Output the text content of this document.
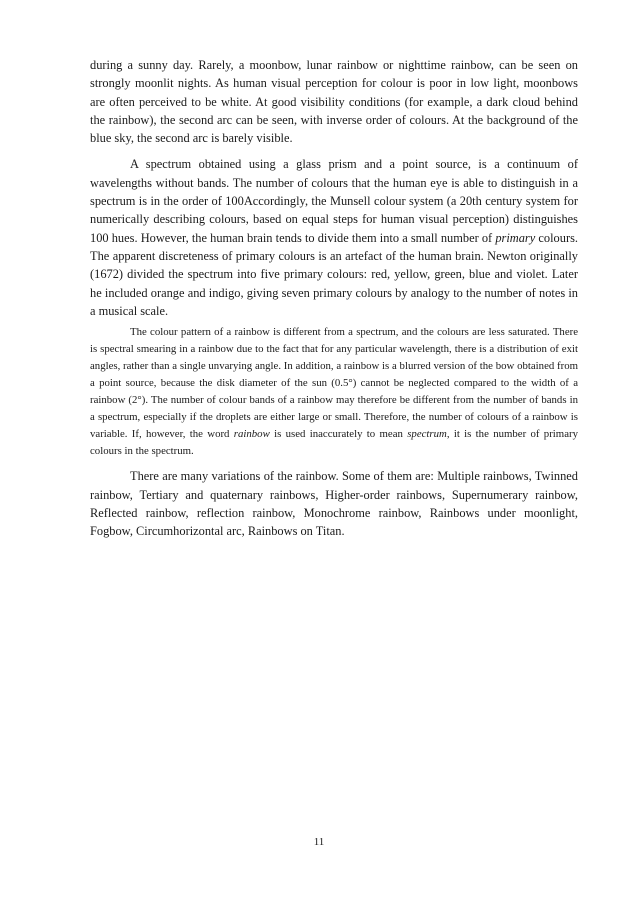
during a sunny day. Rarely, a moonbow, lunar rainbow or nighttime rainbow, can be seen on strongly moonlit nights. As human visual perception for colour is poor in low light, moonbows are often perceived to be white. At good visibility conditions (for example, a dark cloud behind the rainbow), the second arc can be seen, with inverse order of colours. At the background of the blue sky, the second arc is barely visible.

A spectrum obtained using a glass prism and a point source, is a continuum of wavelengths without bands. The number of colours that the human eye is able to distinguish in a spectrum is in the order of 100Accordingly, the Munsell colour system (a 20th century system for numerically describing colours, based on equal steps for human visual perception) distinguishes 100 hues. However, the human brain tends to divide them into a small number of primary colours. The apparent discreteness of primary colours is an artefact of the human brain. Newton originally (1672) divided the spectrum into five primary colours: red, yellow, green, blue and violet. Later he included orange and indigo, giving seven primary colours by analogy to the number of notes in a musical scale.

The colour pattern of a rainbow is different from a spectrum, and the colours are less saturated. There is spectral smearing in a rainbow due to the fact that for any particular wavelength, there is a distribution of exit angles, rather than a single unvarying angle. In addition, a rainbow is a blurred version of the bow obtained from a point source, because the disk diameter of the sun (0.5°) cannot be neglected compared to the width of a rainbow (2°). The number of colour bands of a rainbow may therefore be different from the number of bands in a spectrum, especially if the droplets are either large or small. Therefore, the number of colours of a rainbow is variable. If, however, the word rainbow is used inaccurately to mean spectrum, it is the number of primary colours in the spectrum.

There are many variations of the rainbow. Some of them are: Multiple rainbows, Twinned rainbow, Tertiary and quaternary rainbows, Higher-order rainbows, Supernumerary rainbow, Reflected rainbow, reflection rainbow, Monochrome rainbow, Rainbows under moonlight, Fogbow, Circumhorizontal arc, Rainbows on Titan.

11
